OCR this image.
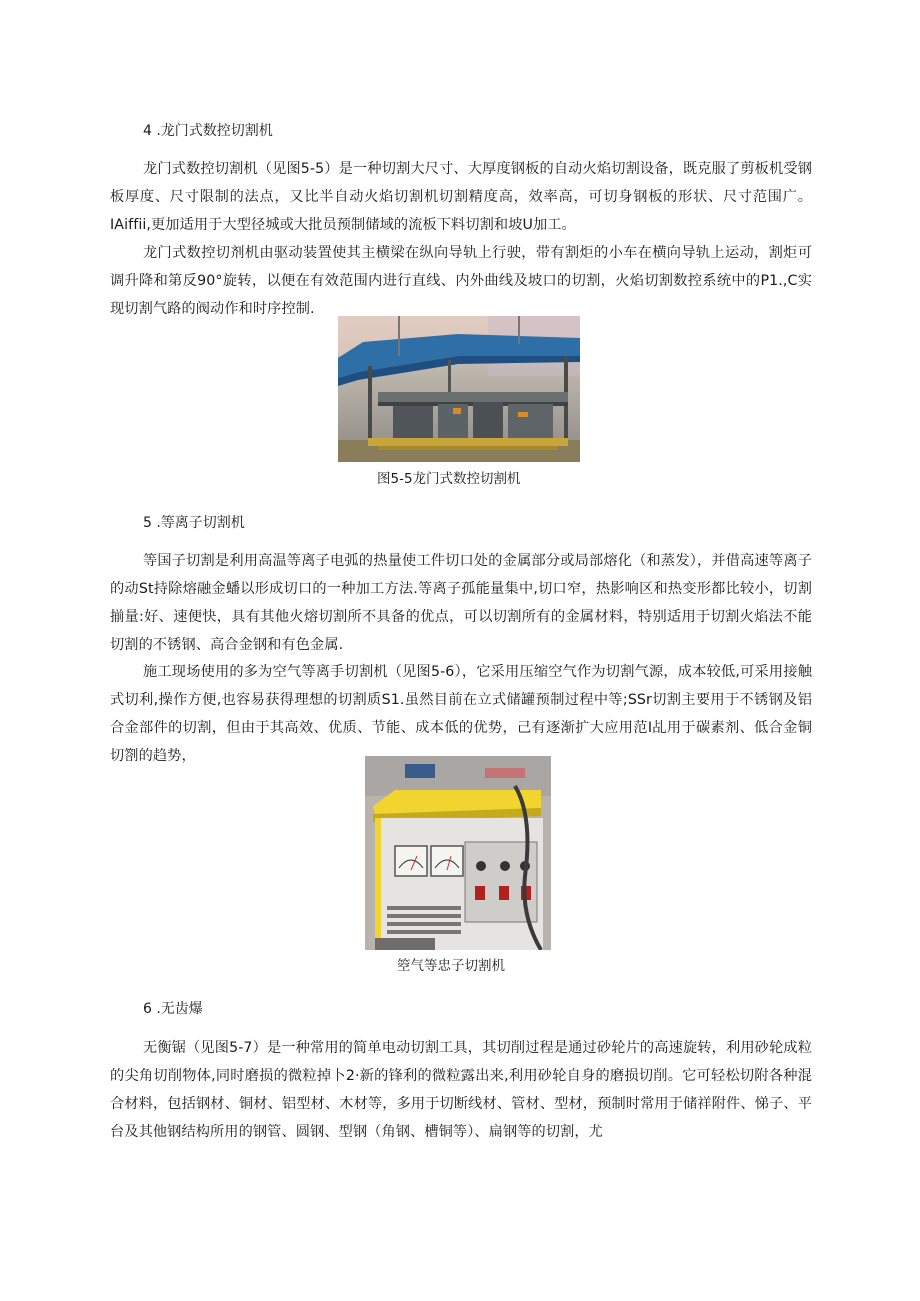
4 .龙门式数控切割机

龙门式数控切割机（见图5-5）是一种切割大尺寸、大厚度钢板的自动火焰切割设备，既克服了剪板机受钢板厚度、尺寸限制的法点，又比半自动火焰切割机切割精度高，效率高，可切身钢板的形状、尺寸范围广。IAiffii,更加适用于大型径城或大批员预制储域的流板下料切割和坡U加工。

龙门式数控切剂机由驱动装置使其主横梁在纵向导轨上行驶，带有割炬的小车在横向导轨上运动，割炬可调升降和第反90°旋转，以便在有效范围内进行直线、内外曲线及坡口的切割，火焰切割数控系统中的P1.,C实现切割气路的阀动作和时序控制.

图5-5龙门式数控切割机
5 .等离子切割机

等国子切割是利用高温等离子电弧的热量使工件切口处的金属部分或局部熔化（和蒸发），并借高速等离子的动St持除熔融金蟠以形成切口的一种加工方法.等离子孤能量集中,切口窄，热影响区和热变形都比较小，切割揃量:好、速便快，具有其他火熔切割所不具备的优点，可以切割所有的金属材料，特别适用于切割火焰法不能切割的不锈钢、高合金钢和有色金属.

施工现场使用的多为空气等离手切割机（见图5-6），它采用压缩空气作为切割气源，成本较低,可采用接触式切利,操作方便,也容易获得理想的切割质S1.虽然目前在立式储罐预制过程中等;SSr切割主要用于不锈钢及铝合金部件的切割，但由于其高效、优质、节能、成本低的优势，己有逐渐扩大应用范I乩用于碳素剂、低合金铜切劄的趋势，

箜气等忠子切割机
6 .无齿爆

无衡锯（见图5-7）是一种常用的简单电动切割工具，其切削过程是通过砂轮片的高速旋转，利用砂轮成粒的尖角切削物体,同时磨损的微粒掉卜2·新的锋利的微粒露出来,利用砂轮自身的磨损切削。它可轻松切附各种混合材料，包括钢材、铜材、铝型材、木材等，多用于切断线材、管材、型材，预制时常用于储祥附件、悌子、平台及其他钢结构所用的钢管、圆钢、型钢（角钢、槽铜等）、扁钢等的切割，尤
